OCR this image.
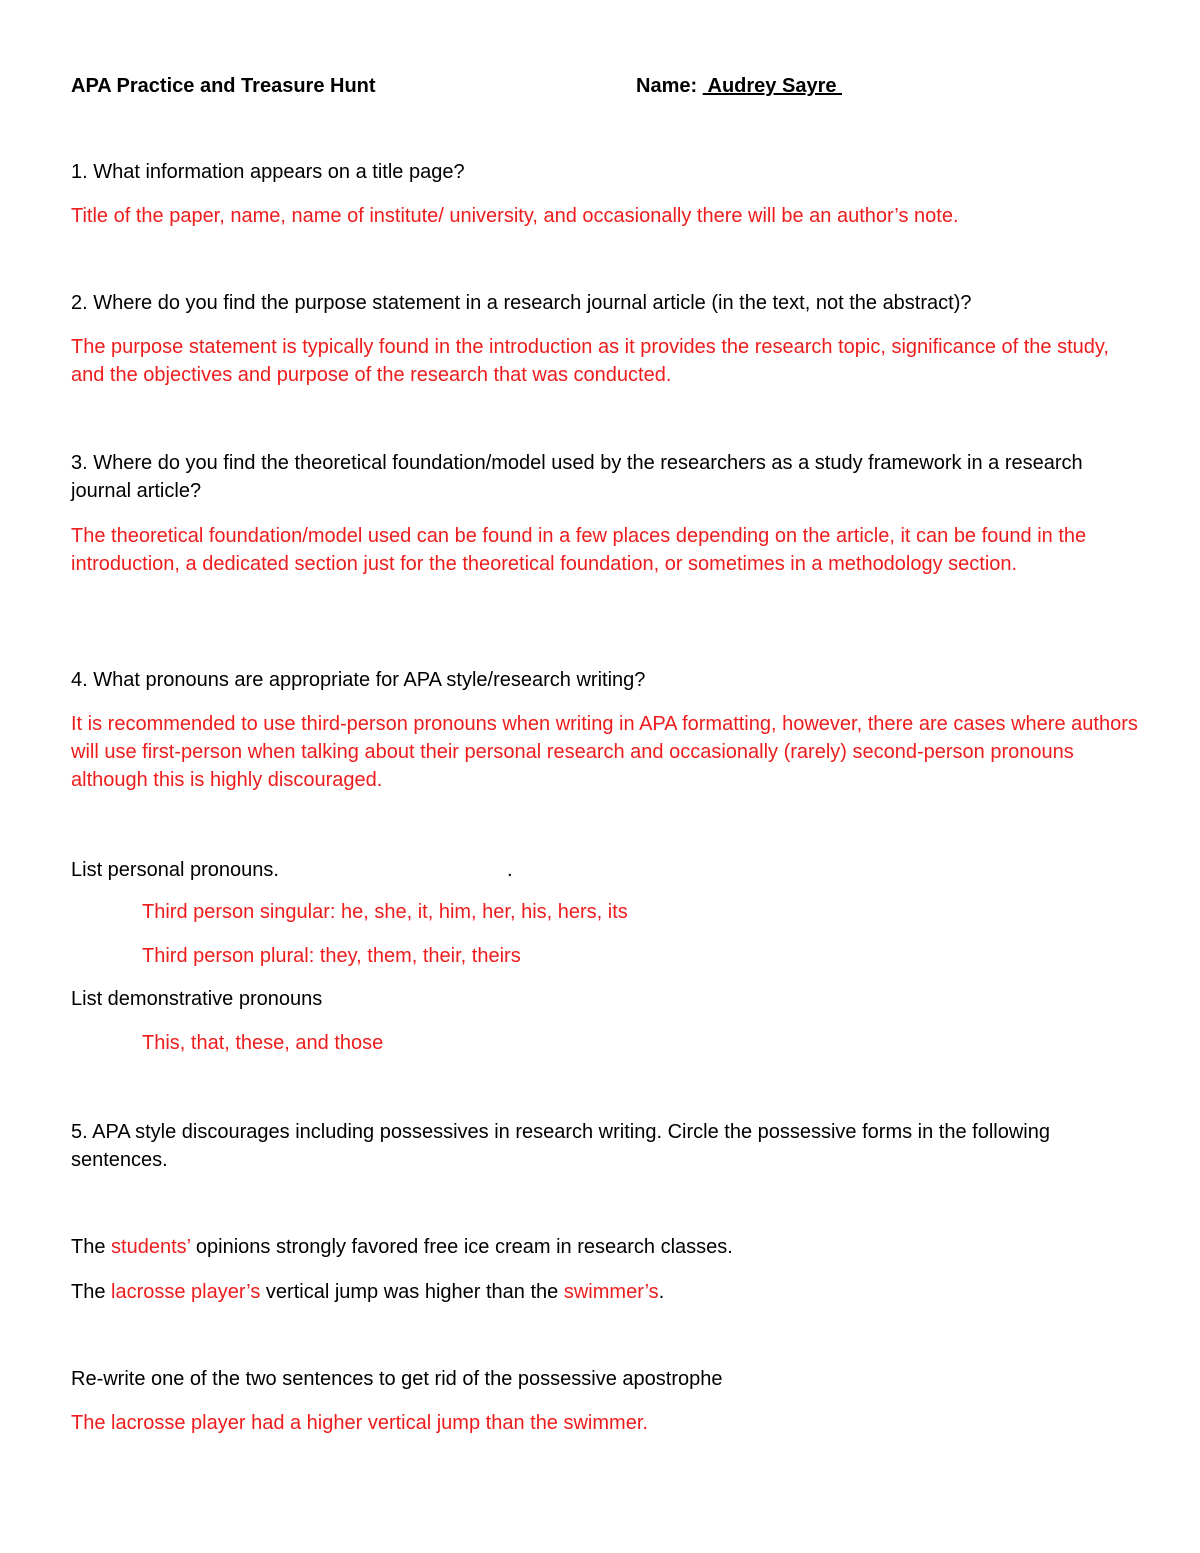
APA Practice and Treasure Hunt	Name:  Audrey Sayre
1. What information appears on a title page?
Title of the paper, name, name of institute/ university, and occasionally there will be an author’s note.
2. Where do you find the purpose statement in a research journal article (in the text, not the abstract)?
The purpose statement is typically found in the introduction as it provides the research topic, significance of the study, and the objectives and purpose of the research that was conducted.
3. Where do you find the theoretical foundation/model used by the researchers as a study framework in a research journal article?
The theoretical foundation/model used can be found in a few places depending on the article, it can be found in the introduction, a dedicated section just for the theoretical foundation, or sometimes in a methodology section.
4. What pronouns are appropriate for APA style/research writing?
It is recommended to use third-person pronouns when writing in APA formatting, however, there are cases where authors will use first-person when talking about their personal research and occasionally (rarely) second-person pronouns although this is highly discouraged.
List personal pronouns.	.
Third person singular: he, she, it, him, her, his, hers, its
Third person plural: they, them, their, theirs
List demonstrative pronouns
This, that, these, and those
5. APA style discourages including possessives in research writing. Circle the possessive forms in the following sentences.
The students’ opinions strongly favored free ice cream in research classes.
The lacrosse player’s vertical jump was higher than the swimmer’s.
Re-write one of the two sentences to get rid of the possessive apostrophe
The lacrosse player had a higher vertical jump than the swimmer.
